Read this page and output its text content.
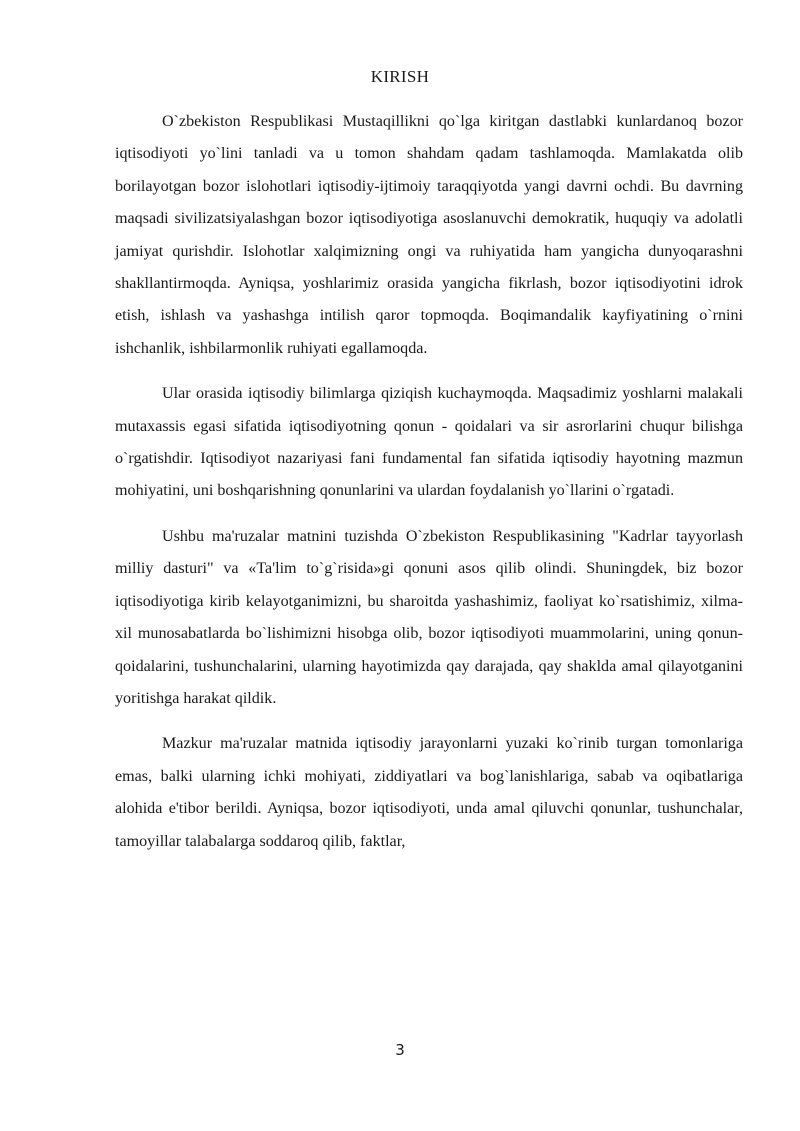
KIRISH

O`zbekiston Respublikasi Mustaqillikni qo`lga kiritgan dastlabki kunlardanoq bozor iqtisodiyoti yo`lini tanladi va u tomon shahdam qadam tashlamoqda. Mamlakatda olib borilayotgan bozor islohotlari iqtisodiy-ijtimoiy taraqqiyotda yangi davrni ochdi. Bu davrning maqsadi sivilizatsiyalashgan bozor iqtisodiyotiga asoslanuvchi demokratik, huquqiy va adolatli jamiyat qurishdir. Islohotlar xalqimizning ongi va ruhiyatida ham yangicha dunyoqarashni shakllantirmoqda. Ayniqsa, yoshlarimiz orasida yangicha fikrlash, bozor iqtisodiyotini idrok etish, ishlash va yashashga intilish qaror topmoqda. Boqimandalik kayfiyatining o`rnini ishchanlik, ishbilarmonlik ruhiyati egallamoqda.

Ular orasida iqtisodiy bilimlarga qiziqish kuchaymoqda. Maqsadimiz yoshlarni malakali mutaxassis egasi sifatida iqtisodiyotning qonun - qoidalari va sir asrorlarini chuqur bilishga o`rgatishdir. Iqtisodiyot nazariyasi fani fundamental fan sifatida iqtisodiy hayotning mazmun mohiyatini, uni boshqarishning qonunlarini va ulardan foydalanish yo`llarini o`rgatadi.

Ushbu ma'ruzalar matnini tuzishda O`zbekiston Respublikasining "Kadrlar tayyorlash milliy dasturi" va «Ta'lim to`g`risida»gi qonuni asos qilib olindi. Shuningdek, biz bozor iqtisodiyotiga kirib kelayotganimizni, bu sharoitda yashashimiz, faoliyat ko`rsatishimiz, xilma-xil munosabatlarda bo`lishimizni hisobga olib, bozor iqtisodiyoti muammolarini, uning qonun-qoidalarini, tushunchalarini, ularning hayotimizda qay darajada, qay shaklda amal qilayotganini yoritishga harakat qildik.

Mazkur ma'ruzalar matnida iqtisodiy jarayonlarni yuzaki ko`rinib turgan tomonlariga emas, balki ularning ichki mohiyati, ziddiyatlari va bog`lanishlariga, sabab va oqibatlariga alohida e'tibor berildi. Ayniqsa, bozor iqtisodiyoti, unda amal qiluvchi qonunlar, tushunchalar, tamoyillar talabalarga soddaroq qilib, faktlar,

3
